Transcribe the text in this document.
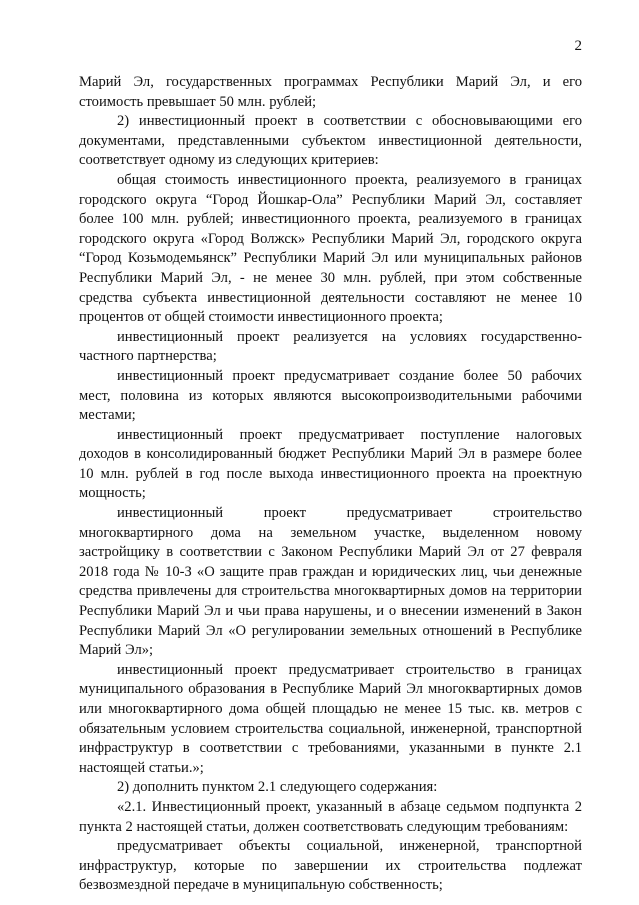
2

Марий Эл, государственных программах Республики Марий Эл, и его стоимость превышает 50 млн. рублей;

2) инвестиционный проект в соответствии с обосновывающими его документами, представленными субъектом инвестиционной деятельности, соответствует одному из следующих критериев:

общая стоимость инвестиционного проекта, реализуемого в границах городского округа “Город Йошкар-Ола” Республики Марий Эл, составляет более 100 млн. рублей; инвестиционного проекта, реализуемого в границах городского округа «Город Волжск» Республики Марий Эл, городского округа “Город Козьмодемьянск” Республики Марий Эл или муниципальных районов Республики Марий Эл, - не менее 30 млн. рублей, при этом собственные средства субъекта инвестиционной деятельности составляют не менее 10 процентов от общей стоимости инвестиционного проекта;

инвестиционный проект реализуется на условиях государственно-частного партнерства;

инвестиционный проект предусматривает создание более 50 рабочих мест, половина из которых являются высокопроизводительными рабочими местами;

инвестиционный проект предусматривает поступление налоговых доходов в консолидированный бюджет Республики Марий Эл в размере более 10 млн. рублей в год после выхода инвестиционного проекта на проектную мощность;

инвестиционный проект предусматривает строительство многоквартирного дома на земельном участке, выделенном новому застройщику в соответствии с Законом Республики Марий Эл от 27 февраля 2018 года № 10-З «О защите прав граждан и юридических лиц, чьи денежные средства привлечены для строительства многоквартирных домов на территории Республики Марий Эл и чьи права нарушены, и о внесении изменений в Закон Республики Марий Эл «О регулировании земельных отношений в Республике Марий Эл»;

инвестиционный проект предусматривает строительство в границах муниципального образования в Республике Марий Эл многоквартирных домов или многоквартирного дома общей площадью не менее 15 тыс. кв. метров с обязательным условием строительства социальной, инженерной, транспортной инфраструктур в соответствии с требованиями, указанными в пункте 2.1 настоящей статьи.»;

2) дополнить пунктом 2.1 следующего содержания:

«2.1. Инвестиционный проект, указанный в абзаце седьмом подпункта 2 пункта 2 настоящей статьи, должен соответствовать следующим требованиям:

предусматривает объекты социальной, инженерной, транспортной инфраструктур, которые по завершении их строительства подлежат безвозмездной передаче в муниципальную собственность;
